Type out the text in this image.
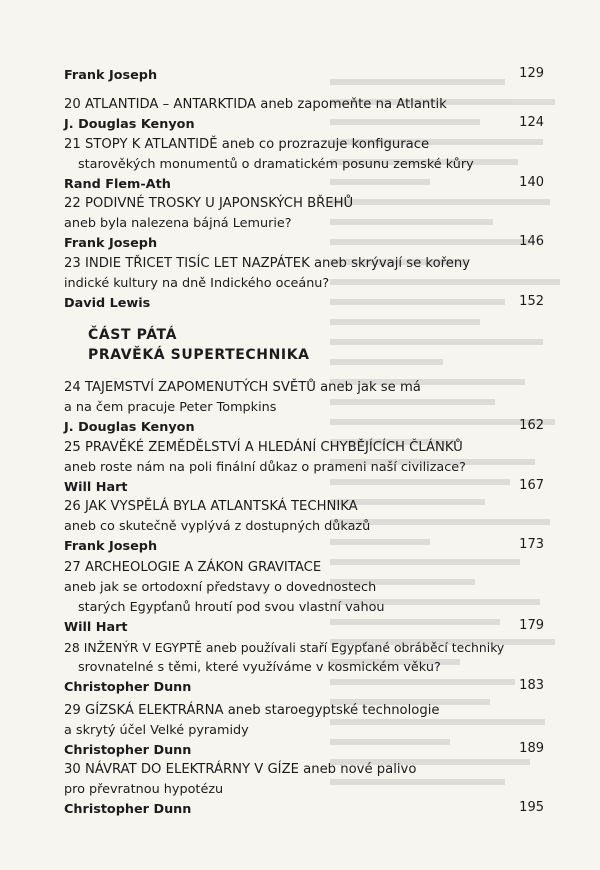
Frank Joseph	129
20 ATLANTIDA – ANTARKTIDA aneb zapomeňte na Atlantik
J. Douglas Kenyon	124
21 STOPY K ATLANTIDĚ aneb co prozrazuje konfigurace
starověkých monumentů o dramatickém posunu zemské kůry
Rand Flem-Ath	140
22 PODIVNÉ TROSKY U JAPONSKÝCH BŘEHŮ
aneb byla nalezena bájná Lemurie?
Frank Joseph	146
23 INDIE TŘICET TISÍC LET NAZPÁTEK aneb skrývají se kořeny
indické kultury na dně Indického oceánu?
David Lewis	152
ČÁST PÁTÁ
PRAVĚKÁ SUPERTECHNIKA
24 TAJEMSTVÍ ZAPOMENUTÝCH SVĚTŮ aneb jak se má
a na čem pracuje Peter Tompkins
J. Douglas Kenyon	162
25 PRAVĚKÉ ZEMĚDĚLSTVÍ A HLEDÁNÍ CHYBĚJÍCÍCH ČLÁNKŮ
aneb roste nám na poli finální důkaz o prameni naší civilizace?
Will Hart	167
26 JAK VYSPĚLÁ BYLA ATLANTSKÁ TECHNIKA
aneb co skutečně vyplývá z dostupných důkazů
Frank Joseph	173
27 ARCHEOLOGIE A ZÁKON GRAVITACE
aneb jak se ortodoxní představy o dovednostech
starých Egypťanů hroutí pod svou vlastní vahou
Will Hart	179
28 INŽENÝR V EGYPTĚ aneb používali staří Egypťané obráběcí techniky
srovnatelné s těmi, které využíváme v kosmickém věku?
Christopher Dunn	183
29 GÍZSKÁ ELEKTRÁRNA aneb staroegyptské technologie
a skrytý účel Velké pyramidy
Christopher Dunn	189
30 NÁVRAT DO ELEKTRÁRNY V GÍZE aneb nové palivo
pro převratnou hypotézu
Christopher Dunn	195
